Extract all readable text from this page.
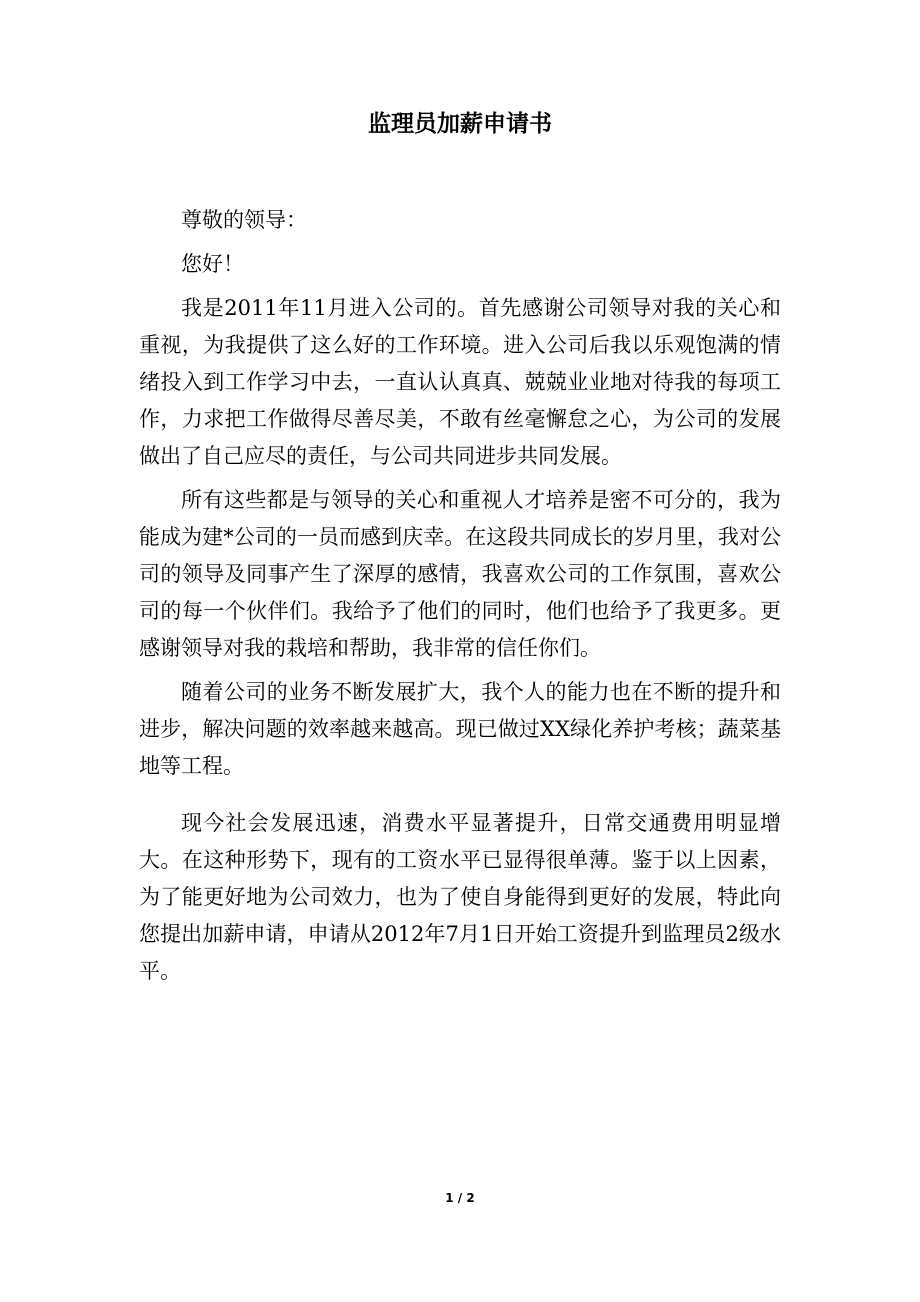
监理员加薪申请书

尊敬的领导：

您好！

我是2011年11月进入公司的。首先感谢公司领导对我的关心和重视，为我提供了这么好的工作环境。进入公司后我以乐观饱满的情绪投入到工作学习中去，一直认认真真、兢兢业业地对待我的每项工作，力求把工作做得尽善尽美，不敢有丝毫懈怠之心，为公司的发展做出了自己应尽的责任，与公司共同进步共同发展。

所有这些都是与领导的关心和重视人才培养是密不可分的，我为能成为建*公司的一员而感到庆幸。在这段共同成长的岁月里，我对公司的领导及同事产生了深厚的感情，我喜欢公司的工作氛围，喜欢公司的每一个伙伴们。我给予了他们的同时，他们也给予了我更多。更感谢领导对我的栽培和帮助，我非常的信任你们。

随着公司的业务不断发展扩大，我个人的能力也在不断的提升和进步，解决问题的效率越来越高。现已做过XX绿化养护考核；蔬菜基地等工程。

现今社会发展迅速，消费水平显著提升，日常交通费用明显增大。在这种形势下，现有的工资水平已显得很单薄。鉴于以上因素，为了能更好地为公司效力，也为了使自身能得到更好的发展，特此向您提出加薪申请，申请从2012年7月1日开始工资提升到监理员2级水平。

1 / 2
